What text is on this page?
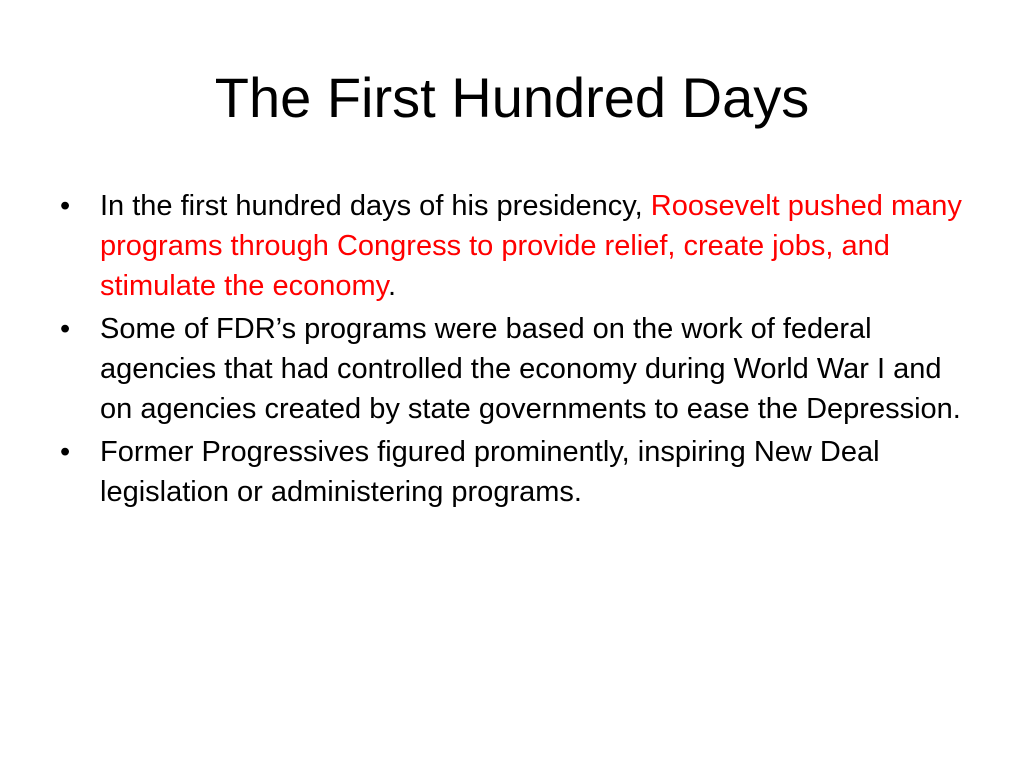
The First Hundred Days
•	In the first hundred days of his presidency, Roosevelt pushed many programs through Congress to provide relief, create jobs, and stimulate the economy.
•	Some of FDR’s programs were based on the work of federal agencies that had controlled the economy during World War I and on agencies created by state governments to ease the Depression.
•	Former Progressives figured prominently, inspiring New Deal legislation or administering programs.
